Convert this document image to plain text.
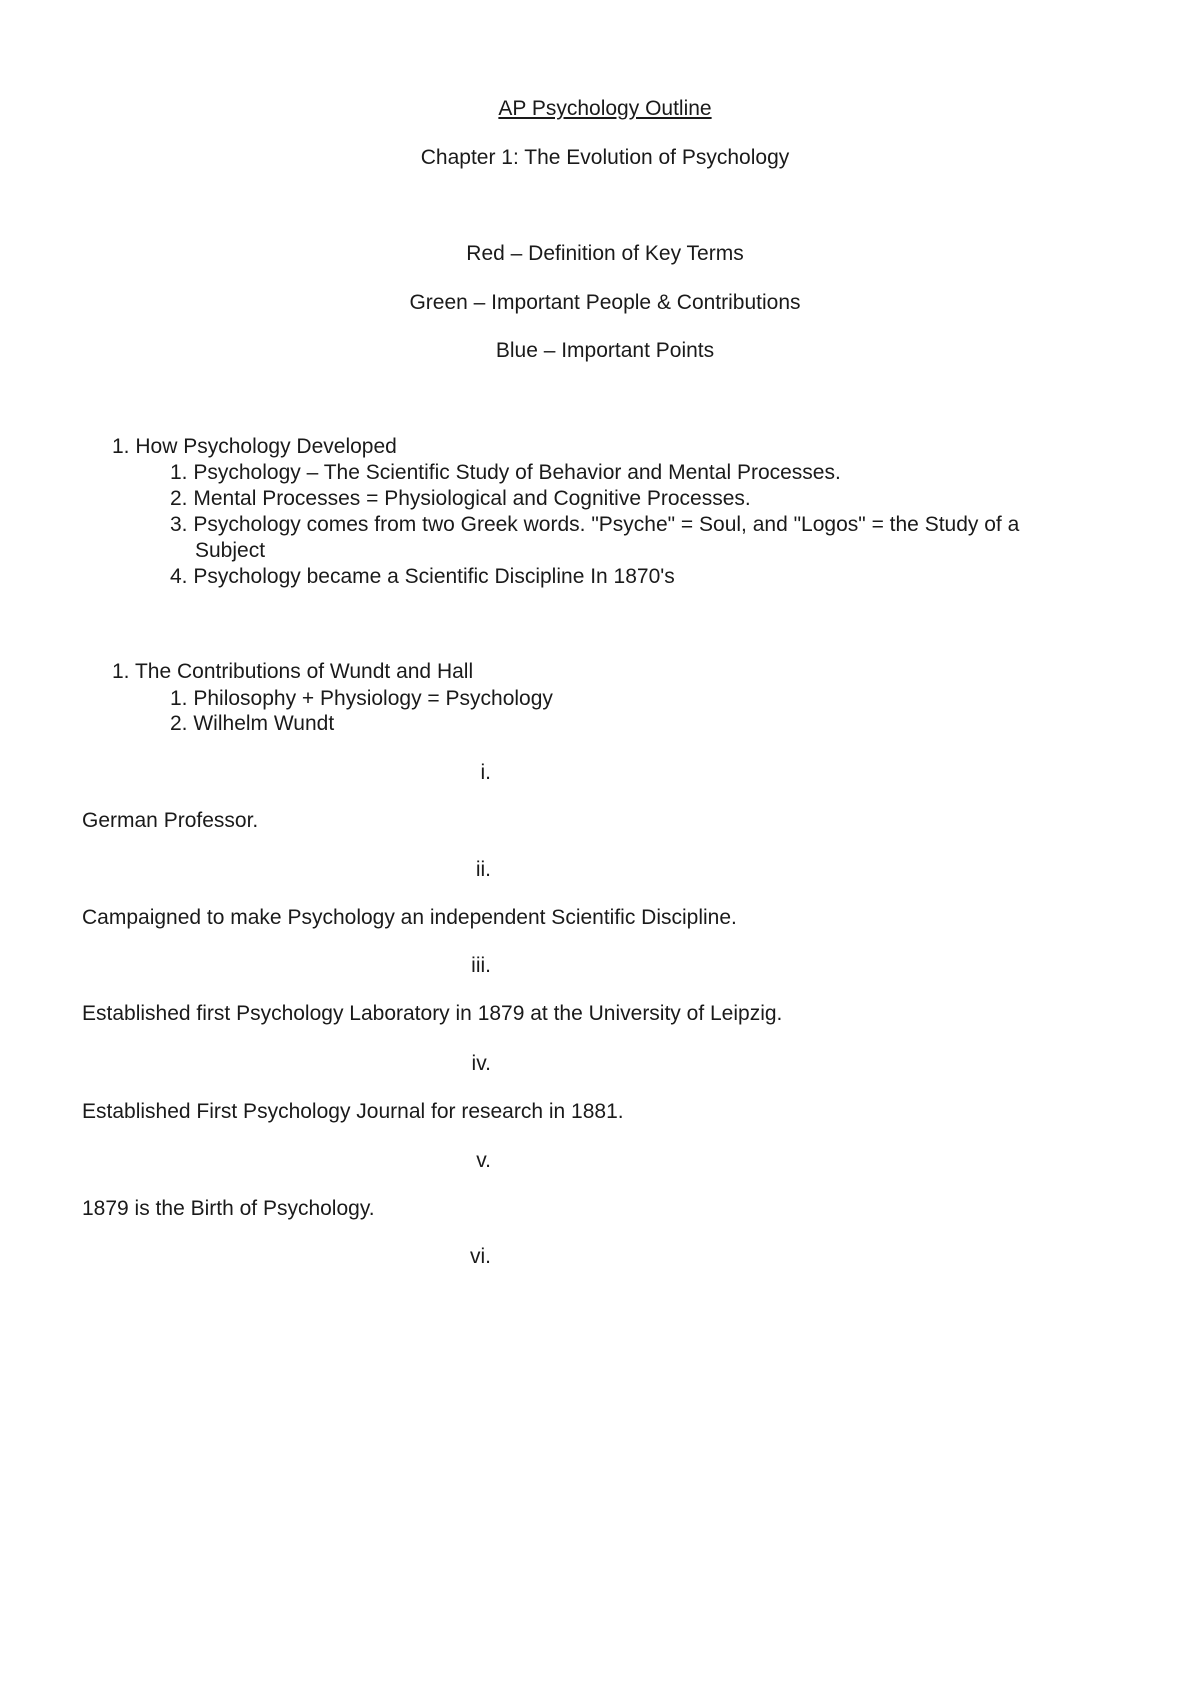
AP Psychology Outline
Chapter 1: The Evolution of Psychology
Red – Definition of Key Terms
Green – Important People & Contributions
Blue – Important Points
1. How Psychology Developed
1. Psychology – The Scientific Study of Behavior and Mental Processes.
2. Mental Processes = Physiological and Cognitive Processes.
3. Psychology comes from two Greek words. "Psyche" = Soul, and "Logos" = the Study of a
Subject
4. Psychology became a Scientific Discipline In 1870's
1. The Contributions of Wundt and Hall
1. Philosophy + Physiology = Psychology
2. Wilhelm Wundt
i.
German Professor.
ii.
Campaigned to make Psychology an independent Scientific Discipline.
iii.
Established first Psychology Laboratory in 1879 at the University of Leipzig.
iv.
Established First Psychology Journal for research in 1881.
v.
1879 is the Birth of Psychology.
vi.
